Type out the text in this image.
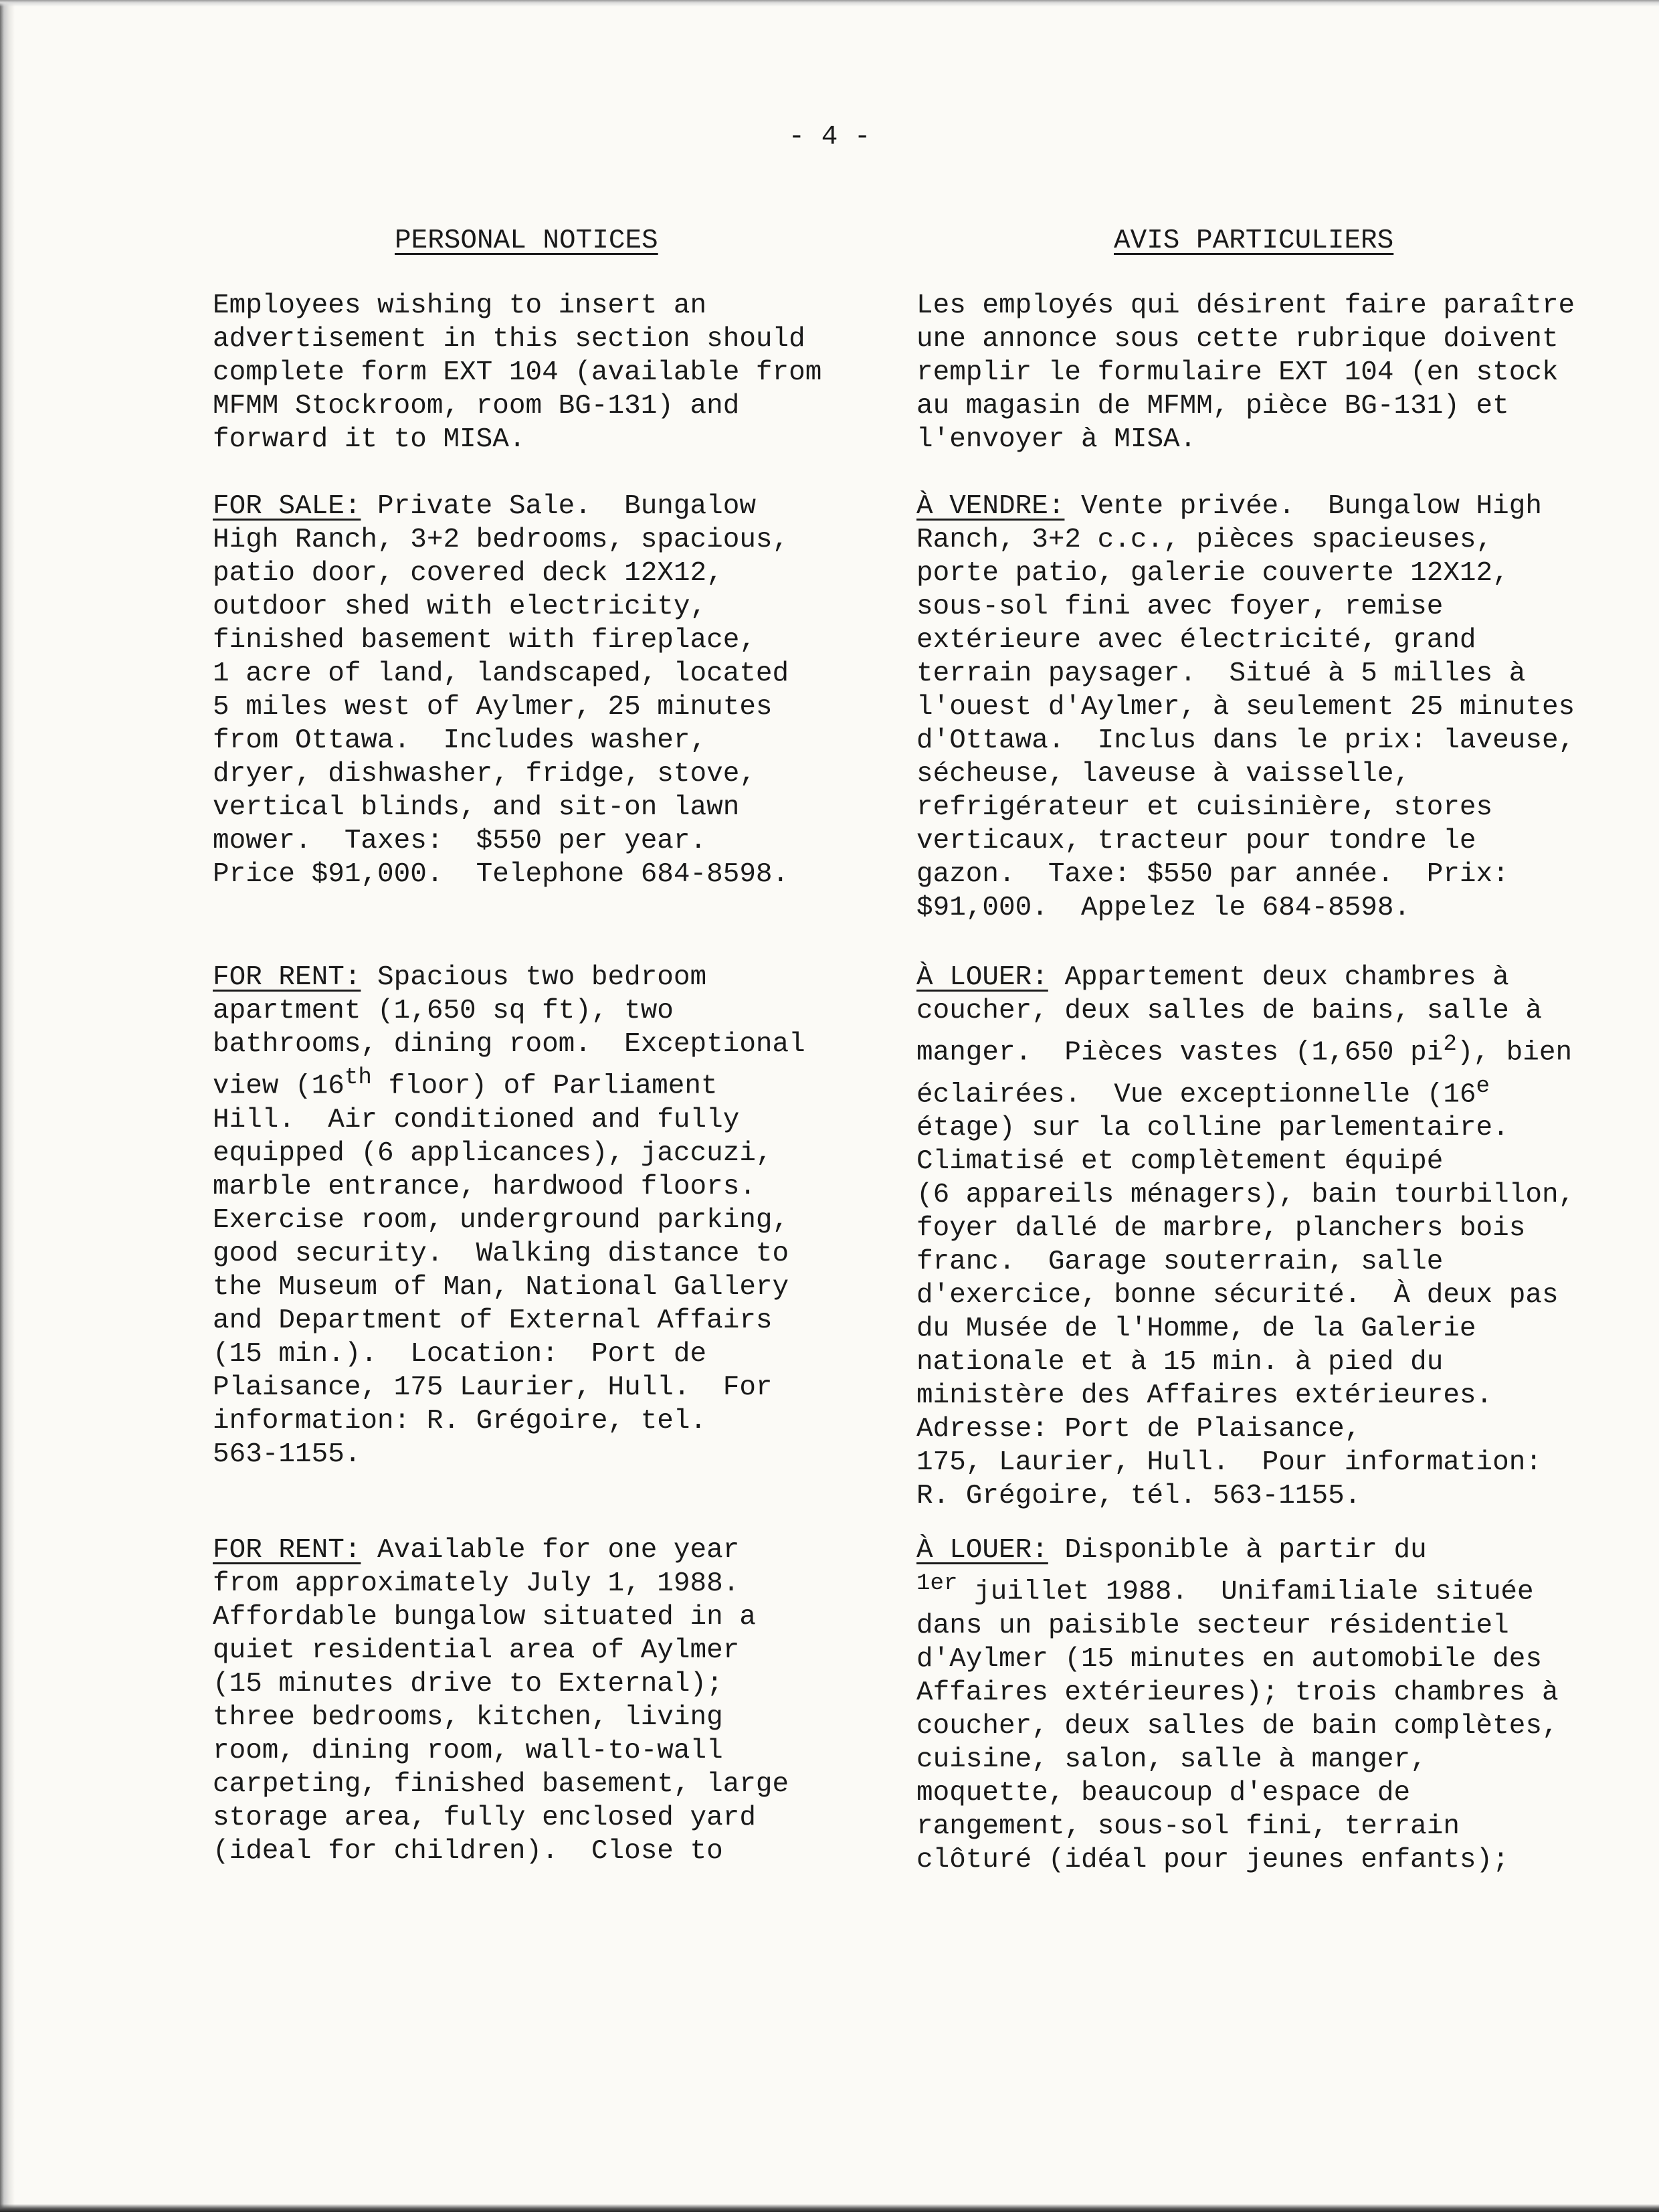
- 4 -
PERSONAL NOTICES	AVIS PARTICULIERS

Employees wishing to insert an
advertisement in this section should
complete form EXT 104 (available from
MFMM Stockroom, room BG-131) and
forward it to MISA.

FOR SALE: Private Sale.  Bungalow
High Ranch, 3+2 bedrooms, spacious,
patio door, covered deck 12X12,
outdoor shed with electricity,
finished basement with fireplace,
1 acre of land, landscaped, located
5 miles west of Aylmer, 25 minutes
from Ottawa.  Includes washer,
dryer, dishwasher, fridge, stove,
vertical blinds, and sit-on lawn
mower.  Taxes:  $550 per year.
Price $91,000.  Telephone 684-8598.

FOR RENT: Spacious two bedroom
apartment (1,650 sq ft), two
bathrooms, dining room.  Exceptional
view (16th floor) of Parliament
Hill.  Air conditioned and fully
equipped (6 applicances), jaccuzi,
marble entrance, hardwood floors.
Exercise room, underground parking,
good security.  Walking distance to
the Museum of Man, National Gallery
and Department of External Affairs
(15 min.).  Location:  Port de
Plaisance, 175 Laurier, Hull.  For
information: R. Grégoire, tel.
563-1155.

FOR RENT: Available for one year
from approximately July 1, 1988.
Affordable bungalow situated in a
quiet residential area of Aylmer
(15 minutes drive to External);
three bedrooms, kitchen, living
room, dining room, wall-to-wall
carpeting, finished basement, large
storage area, fully enclosed yard
(ideal for children).  Close to

Les employés qui désirent faire paraître
une annonce sous cette rubrique doivent
remplir le formulaire EXT 104 (en stock
au magasin de MFMM, pièce BG-131) et
l'envoyer à MISA.

À VENDRE: Vente privée.  Bungalow High
Ranch, 3+2 c.c., pièces spacieuses,
porte patio, galerie couverte 12X12,
sous-sol fini avec foyer, remise
extérieure avec électricité, grand
terrain paysager.  Situé à 5 milles à
l'ouest d'Aylmer, à seulement 25 minutes
d'Ottawa.  Inclus dans le prix: laveuse,
sécheuse, laveuse à vaisselle,
refrigérateur et cuisinière, stores
verticaux, tracteur pour tondre le
gazon.  Taxe: $550 par année.  Prix:
$91,000.  Appelez le 684-8598.

À LOUER: Appartement deux chambres à
coucher, deux salles de bains, salle à
manger.  Pièces vastes (1,650 $pi^2$), bien
éclairées.  Vue exceptionnelle (16e
étage) sur la colline parlementaire.
Climatisé et complètement équipé
(6 appareils ménagers), bain tourbillon,
foyer dallé de marbre, planchers bois
franc.  Garage souterrain, salle
d'exercice, bonne sécurité.  À deux pas
du Musée de l'Homme, de la Galerie
nationale et à 15 min. à pied du
ministère des Affaires extérieures.
Adresse: Port de Plaisance,
175, Laurier, Hull.  Pour information:
R. Grégoire, tél. 563-1155.

À LOUER: Disponible à partir du
$^{1er}$ juillet 1988.  Unifamiliale située
dans un paisible secteur résidentiel
d'Aylmer (15 minutes en automobile des
Affaires extérieures); trois chambres à
coucher, deux salles de bain complètes,
cuisine, salon, salle à manger,
moquette, beaucoup d'espace de
rangement, sous-sol fini, terrain
clôturé (idéal pour jeunes enfants);
